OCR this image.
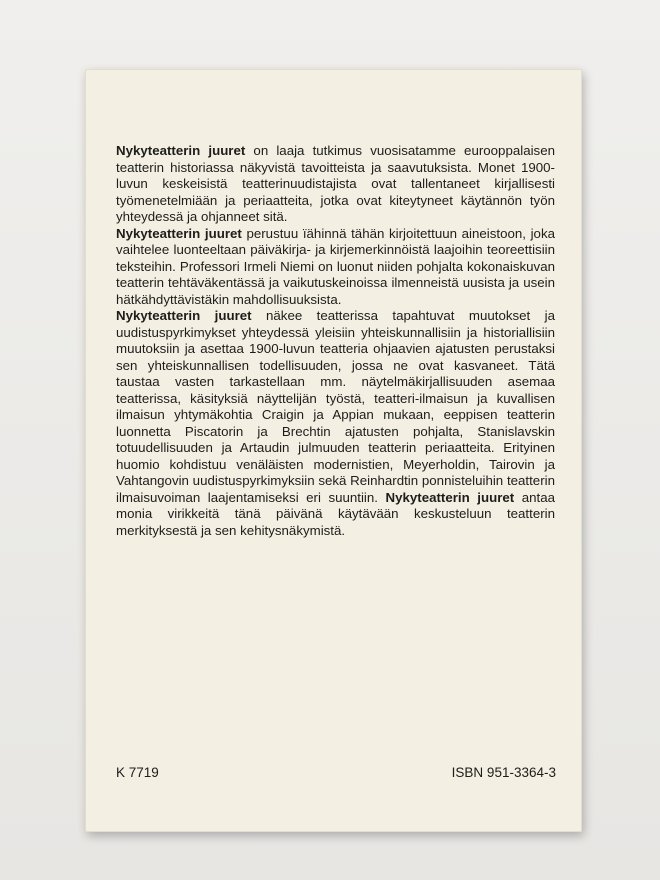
Nykyteatterin juuret on laaja tutkimus vuosisatamme eurooppalaisen teatterin historiassa näkyvistä tavoitteista ja saavutuksista. Monet 1900-luvun keskeisistä teatterinuudistajista ovat tallentaneet kirjallisesti työmenetelmiään ja periaatteita, jotka ovat kiteytyneet käytännön työn yhteydessä ja ohjanneet sitä.

Nykyteatterin juuret perustuu ïähinnä tähän kirjoitettuun aineistoon, joka vaihtelee luonteeltaan päiväkirja- ja kirjemerkinnöistä laajoihin teoreettisiin teksteihin. Professori Irmeli Niemi on luonut niiden pohjalta kokonaiskuvan teatterin tehtäväkentässä ja vaikutuskeinoissa ilmenneistä uusista ja usein hätkähdyttävistäkin mahdollisuuksista.

Nykyteatterin juuret näkee teatterissa tapahtuvat muutokset ja uudistuspyrkimykset yhteydessä yleisiin yhteiskunnallisiin ja historiallisiin muutoksiin ja asettaa 1900-luvun teatteria ohjaavien ajatusten perustaksi sen yhteiskunnallisen todellisuuden, jossa ne ovat kasvaneet. Tätä taustaa vasten tarkastellaan mm. näytelmäkirjallisuuden asemaa teatterissa, käsityksiä näyttelijän työstä, teatteri-ilmaisun ja kuvallisen ilmaisun yhtymäkohtia Craigin ja Appian mukaan, eeppisen teatterin luonnetta Piscatorin ja Brechtin ajatusten pohjalta, Stanislavskin totuudellisuuden ja Artaudin julmuuden teatterin periaatteita. Erityinen huomio kohdistuu venäläisten modernistien, Meyerholdin, Tairovin ja Vahtangovin uudistuspyrkimyksiin sekä Reinhardtin ponnisteluihin teatterin ilmaisuvoiman laajentamiseksi eri suuntiin. Nykyteatterin juuret antaa monia virikkeitä tänä päivänä käytävään keskusteluun teatterin merkityksestä ja sen kehitysnäkymistä.

K 7719	ISBN 951-3364-3
